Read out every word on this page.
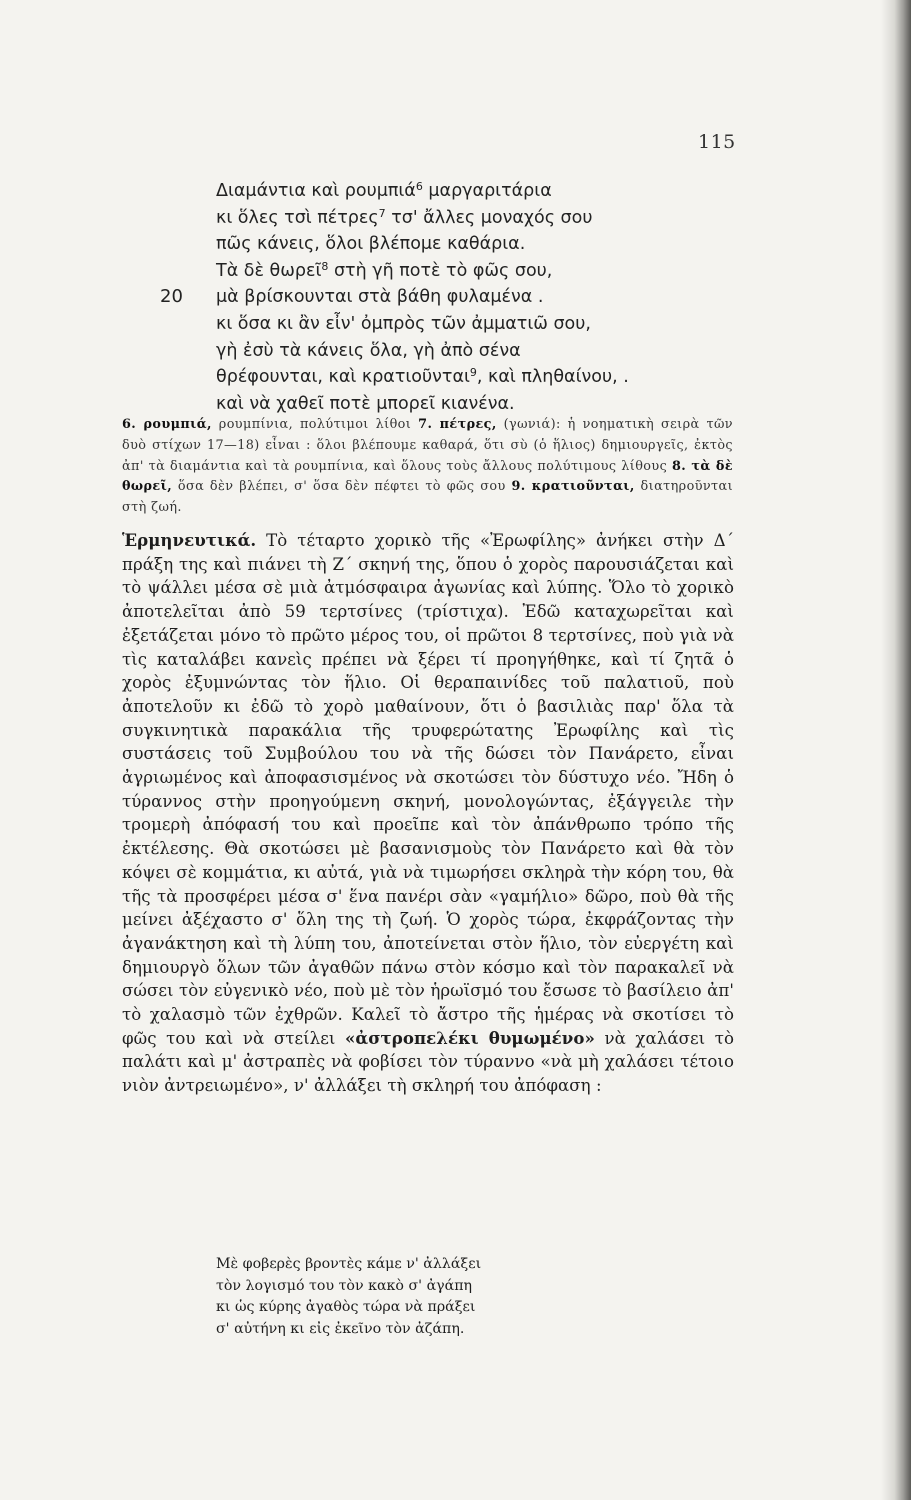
115
Διαμάντια καὶ ρουμπιά$^6$ μαργαριτάρια
κι ὅλες τσὶ πέτρες$^7$ τσ' ἄλλες μοναχός σου
πῶς κάνεις, ὅλοι βλέπομε καθάρια.
Τὰ δὲ θωρεῖ$^8$ στὴ γῆ ποτὲ τὸ φῶς σου,
20 μὰ βρίσκουνται στὰ βάθη φυλαμένα .
κι ὅσα κι ἂν εἶν' ὀμπρὸς τῶν ἀμματιῶ σου,
γὴ ἐσὺ τὰ κάνεις ὅλα, γὴ ἀπὸ σένα
θρέφουνται, καὶ κρατιοῦνται$^9$, καὶ πληθαίνου, .
καὶ νὰ χαθεῖ ποτὲ μπορεῖ κιανένα.
6. ρουμπιά, ρουμπίνια, πολύτιμοι λίθοι 7. πέτρες, (γωνιά): ἡ νοηματικὴ σειρὰ τῶν δυὸ στίχων 17—18) εἶναι : ὅλοι βλέπουμε καθαρά, ὅτι σὺ (ὁ ἥλιος) δημιουργεῖς, ἐκτὸς ἀπ' τὰ διαμάντια καὶ τὰ ρουμπίνια, καὶ ὅλους τοὺς ἄλλους πολύτιμους λίθους 8. τὰ δὲ θωρεῖ, ὅσα δὲν βλέπει, σ' ὅσα δὲν πέφτει τὸ φῶς σου 9. κρατιοῦνται, διατηροῦνται στὴ ζωή.
Ἑρμηνευτικά. Τὸ τέταρτο χορικὸ τῆς «Ἐρωφίλης» ἀνήκει στὴν Δ΄ πράξη της καὶ πιάνει τὴ Ζ΄ σκηνή της, ὅπου ὁ χορὸς παρουσιάζεται καὶ τὸ ψάλλει μέσα σὲ μιὰ ἀτμόσφαιρα ἀγωνίας καὶ λύπης. Ὅλο τὸ χορικὸ ἀποτελεῖται ἀπὸ 59 τερτσίνες (τρίστιχα). Ἐδῶ καταχωρεῖται καὶ ἐξετάζεται μόνο τὸ πρῶτο μέρος του, οἱ πρῶτοι 8 τερτσίνες, ποὺ γιὰ νὰ τὶς καταλάβει κανεὶς πρέπει νὰ ξέρει τί προηγήθηκε, καὶ τί ζητᾶ ὁ χορὸς ἐξυμνώντας τὸν ἥλιο. Οἱ θεραπαινίδες τοῦ παλατιοῦ, ποὺ ἀποτελοῦν κι ἐδῶ τὸ χορὸ μαθαίνουν, ὅτι ὁ βασιλιὰς παρ' ὅλα τὰ συγκινητικὰ παρακάλια τῆς τρυφερώτατης Ἐρωφίλης καὶ τὶς συστάσεις τοῦ Συμβούλου του νὰ τῆς δώσει τὸν Πανάρετο, εἶναι ἀγριωμένος καὶ ἀποφασισμένος νὰ σκοτώσει τὸν δύστυχο νέο. Ἤδη ὁ τύραννος στὴν προηγούμενη σκηνή, μονολογώντας, ἐξάγγειλε τὴν τρομερὴ ἀπόφασή του καὶ προεῖπε καὶ τὸν ἀπάνθρωπο τρόπο τῆς ἐκτέλεσης. Θὰ σκοτώσει μὲ βασανισμοὺς τὸν Πανάρετο καὶ θὰ τὸν κόψει σὲ κομμάτια, κι αὐτά, γιὰ νὰ τιμωρήσει σκληρὰ τὴν κόρη του, θὰ τῆς τὰ προσφέρει μέσα σ' ἕνα πανέρι σὰν «γαμήλιο» δῶρο, ποὺ θὰ τῆς μείνει ἀξέχαστο σ' ὅλη της τὴ ζωή. Ὁ χορὸς τώρα, ἐκφράζοντας τὴν ἀγανάκτηση καὶ τὴ λύπη του, ἀποτείνεται στὸν ἥλιο, τὸν εὐεργέτη καὶ δημιουργὸ ὅλων τῶν ἀγαθῶν πάνω στὸν κόσμο καὶ τὸν παρακαλεῖ νὰ σώσει τὸν εὐγενικὸ νέο, ποὺ μὲ τὸν ἡρωϊσμό του ἔσωσε τὸ βασίλειο ἀπ' τὸ χαλασμὸ τῶν ἐχθρῶν. Καλεῖ τὸ ἄστρο τῆς ἡμέρας νὰ σκοτίσει τὸ φῶς του καὶ νὰ στείλει «ἀστροπελέκι θυμωμένο» νὰ χαλάσει τὸ παλάτι καὶ μ' ἀστραπὲς νὰ φοβίσει τὸν τύραννο «νὰ μὴ χαλάσει τέτοιο νιὸν ἀντρειωμένο», ν' ἀλλάξει τὴ σκληρή του ἀπόφαση :
Μὲ φοβερὲς βροντὲς κάμε ν' ἀλλάξει
τὸν λογισμό του τὸν κακὸ σ' ἀγάπη
κι ὡς κύρης ἀγαθὸς τώρα νὰ πράξει
σ' αὐτήνη κι εἰς ἐκεῖνο τὸν ἀζάπη.
